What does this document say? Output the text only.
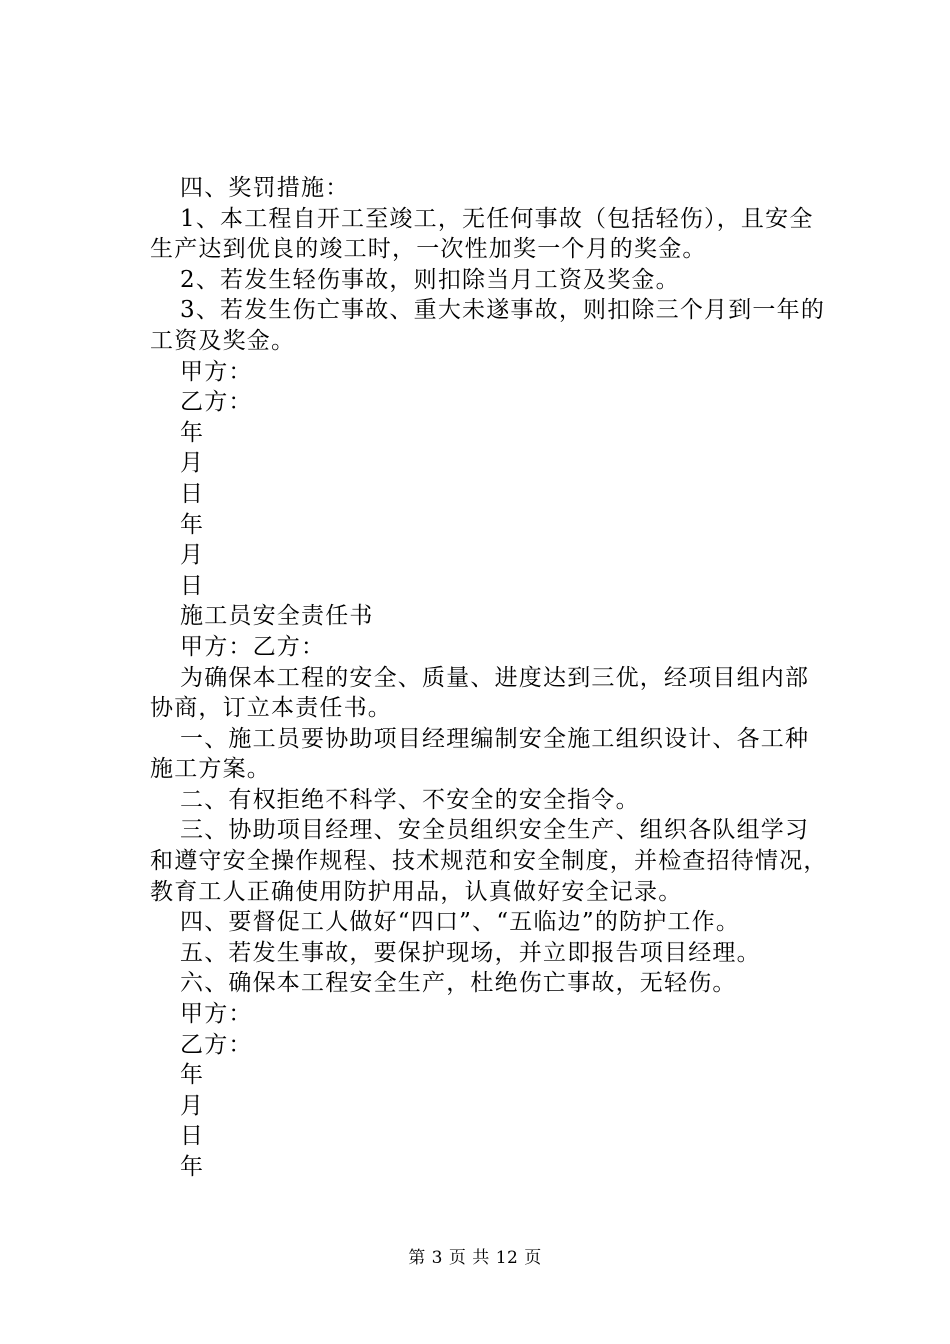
四、奖罚措施：

1、本工程自开工至竣工，无任何事故（包括轻伤），且安全生产达到优良的竣工时，一次性加奖一个月的奖金。

2、若发生轻伤事故，则扣除当月工资及奖金。

3、若发生伤亡事故、重大未遂事故，则扣除三个月到一年的工资及奖金。

甲方：

乙方：

年

月

日

年

月

日

施工员安全责任书

甲方：乙方：

为确保本工程的安全、质量、进度达到三优，经项目组内部协商，订立本责任书。

一、施工员要协助项目经理编制安全施工组织设计、各工种施工方案。

二、有权拒绝不科学、不安全的安全指令。

三、协助项目经理、安全员组织安全生产、组织各队组学习和遵守安全操作规程、技术规范和安全制度，并检查招待情况，教育工人正确使用防护用品，认真做好安全记录。

四、要督促工人做好“四口”、“五临边”的防护工作。

五、若发生事故，要保护现场，并立即报告项目经理。

六、确保本工程安全生产，杜绝伤亡事故，无轻伤。

甲方：

乙方：

年

月

日

年

第 3 页 共 12 页
